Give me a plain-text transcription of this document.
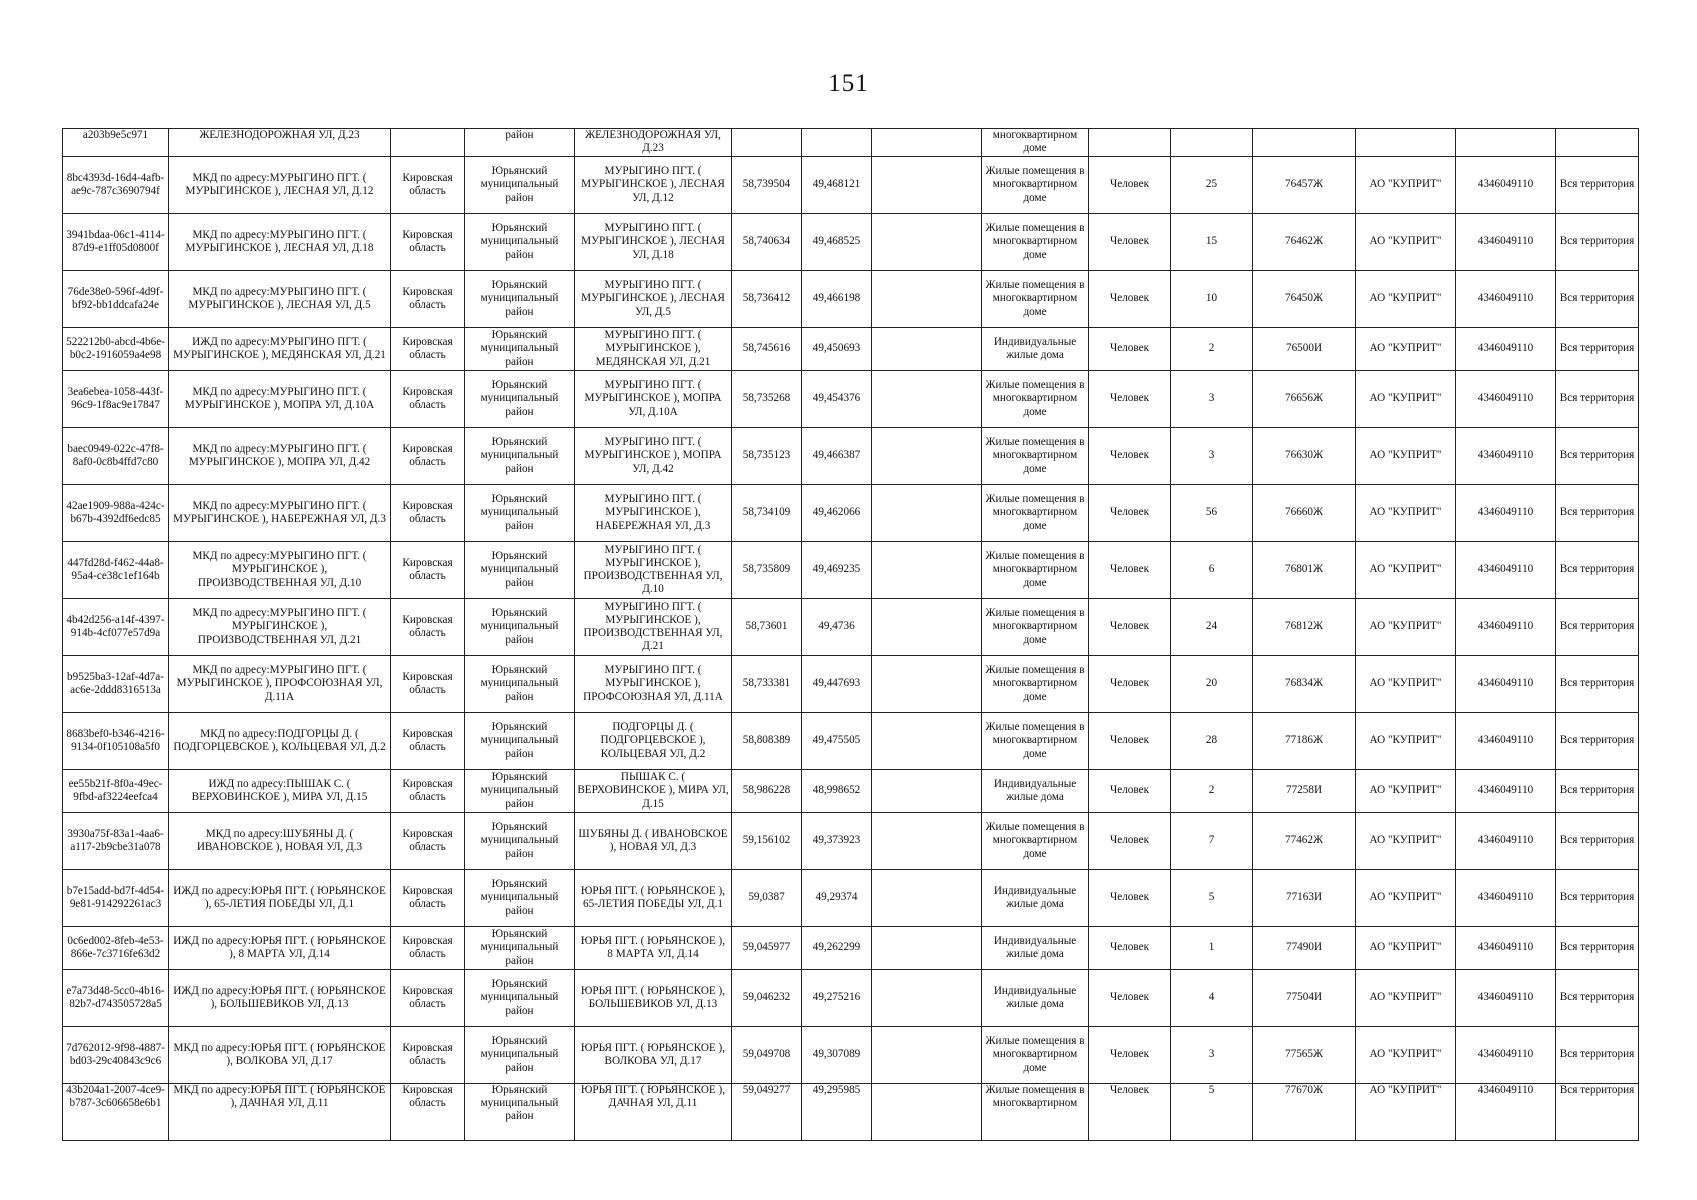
151
a203b9e5c971	ЖЕЛЕЗНОДОРОЖНАЯ УЛ, Д.23		район	ЖЕЛЕЗНОДОРОЖНАЯ УЛ, Д.23				многоквартирном доме						
8bc4393d-16d4-4afb-ae9c-787c3690794f	МКД по адресу:МУРЫГИНО ПГТ. ( МУРЫГИНСКОЕ ), ЛЕСНАЯ УЛ, Д.12	Кировская область	Юрьянский муниципальный район	МУРЫГИНО ПГТ. ( МУРЫГИНСКОЕ ), ЛЕСНАЯ УЛ, Д.12	58,739504	49,468121		Жилые помещения в многоквартирном доме	Человек	25	76457Ж	АО "КУПРИТ"	4346049110	Вся территория
3941bdaa-06c1-4114-87d9-e1ff05d0800f	МКД по адресу:МУРЫГИНО ПГТ. ( МУРЫГИНСКОЕ ), ЛЕСНАЯ УЛ, Д.18	Кировская область	Юрьянский муниципальный район	МУРЫГИНО ПГТ. ( МУРЫГИНСКОЕ ), ЛЕСНАЯ УЛ, Д.18	58,740634	49,468525		Жилые помещения в многоквартирном доме	Человек	15	76462Ж	АО "КУПРИТ"	4346049110	Вся территория
76de38e0-596f-4d9f-bf92-bb1ddcafa24e	МКД по адресу:МУРЫГИНО ПГТ. ( МУРЫГИНСКОЕ ), ЛЕСНАЯ УЛ, Д.5	Кировская область	Юрьянский муниципальный район	МУРЫГИНО ПГТ. ( МУРЫГИНСКОЕ ), ЛЕСНАЯ УЛ, Д.5	58,736412	49,466198		Жилые помещения в многоквартирном доме	Человек	10	76450Ж	АО "КУПРИТ"	4346049110	Вся территория
522212b0-abcd-4b6e-b0c2-1916059a4e98	ИЖД по адресу:МУРЫГИНО ПГТ. ( МУРЫГИНСКОЕ ), МЕДЯНСКАЯ УЛ, Д.21	Кировская область	Юрьянский муниципальный район	МУРЫГИНО ПГТ. ( МУРЫГИНСКОЕ ), МЕДЯНСКАЯ УЛ, Д.21	58,745616	49,450693		Индивидуальные жилые дома	Человек	2	76500И	АО "КУПРИТ"	4346049110	Вся территория
3ea6ebea-1058-443f-96c9-1f8ac9e17847	МКД по адресу:МУРЫГИНО ПГТ. ( МУРЫГИНСКОЕ ), МОПРА УЛ, Д.10А	Кировская область	Юрьянский муниципальный район	МУРЫГИНО ПГТ. ( МУРЫГИНСКОЕ ), МОПРА УЛ, Д.10А	58,735268	49,454376		Жилые помещения в многоквартирном доме	Человек	3	76656Ж	АО "КУПРИТ"	4346049110	Вся территория
baec0949-022c-47f8-8af0-0c8b4ffd7c80	МКД по адресу:МУРЫГИНО ПГТ. ( МУРЫГИНСКОЕ ), МОПРА УЛ, Д.42	Кировская область	Юрьянский муниципальный район	МУРЫГИНО ПГТ. ( МУРЫГИНСКОЕ ), МОПРА УЛ, Д.42	58,735123	49,466387		Жилые помещения в многоквартирном доме	Человек	3	76630Ж	АО "КУПРИТ"	4346049110	Вся территория
42ae1909-988a-424c-b67b-4392df6edc85	МКД по адресу:МУРЫГИНО ПГТ. ( МУРЫГИНСКОЕ ), НАБЕРЕЖНАЯ УЛ, Д.3	Кировская область	Юрьянский муниципальный район	МУРЫГИНО ПГТ. ( МУРЫГИНСКОЕ ), НАБЕРЕЖНАЯ УЛ, Д.3	58,734109	49,462066		Жилые помещения в многоквартирном доме	Человек	56	76660Ж	АО "КУПРИТ"	4346049110	Вся территория
447fd28d-f462-44a8-95a4-ce38c1ef164b	МКД по адресу:МУРЫГИНО ПГТ. ( МУРЫГИНСКОЕ ), ПРОИЗВОДСТВЕННАЯ УЛ, Д.10	Кировская область	Юрьянский муниципальный район	МУРЫГИНО ПГТ. ( МУРЫГИНСКОЕ ), ПРОИЗВОДСТВЕННАЯ УЛ, Д.10	58,735809	49,469235		Жилые помещения в многоквартирном доме	Человек	6	76801Ж	АО "КУПРИТ"	4346049110	Вся территория
4b42d256-a14f-4397-914b-4cf077e57d9a	МКД по адресу:МУРЫГИНО ПГТ. ( МУРЫГИНСКОЕ ), ПРОИЗВОДСТВЕННАЯ УЛ, Д.21	Кировская область	Юрьянский муниципальный район	МУРЫГИНО ПГТ. ( МУРЫГИНСКОЕ ), ПРОИЗВОДСТВЕННАЯ УЛ, Д.21	58,73601	49,4736		Жилые помещения в многоквартирном доме	Человек	24	76812Ж	АО "КУПРИТ"	4346049110	Вся территория
b9525ba3-12af-4d7a-ac6e-2ddd8316513a	МКД по адресу:МУРЫГИНО ПГТ. ( МУРЫГИНСКОЕ ), ПРОФСОЮЗНАЯ УЛ, Д.11А	Кировская область	Юрьянский муниципальный район	МУРЫГИНО ПГТ. ( МУРЫГИНСКОЕ ), ПРОФСОЮЗНАЯ УЛ, Д.11А	58,733381	49,447693		Жилые помещения в многоквартирном доме	Человек	20	76834Ж	АО "КУПРИТ"	4346049110	Вся территория
8683bef0-b346-4216-9134-0f105108a5f0	МКД по адресу:ПОДГОРЦЫ Д. ( ПОДГОРЦЕВСКОЕ ), КОЛЬЦЕВАЯ УЛ, Д.2	Кировская область	Юрьянский муниципальный район	ПОДГОРЦЫ Д. ( ПОДГОРЦЕВСКОЕ ), КОЛЬЦЕВАЯ УЛ, Д.2	58,808389	49,475505		Жилые помещения в многоквартирном доме	Человек	28	77186Ж	АО "КУПРИТ"	4346049110	Вся территория
ee55b21f-8f0a-49ec-9fbd-af3224eefca4	ИЖД по адресу:ПЫШАК С. ( ВЕРХОВИНСКОЕ ), МИРА УЛ, Д.15	Кировская область	Юрьянский муниципальный район	ПЫШАК С. ( ВЕРХОВИНСКОЕ ), МИРА УЛ, Д.15	58,986228	48,998652		Индивидуальные жилые дома	Человек	2	77258И	АО "КУПРИТ"	4346049110	Вся территория
3930a75f-83a1-4aa6-a117-2b9cbe31a078	МКД по адресу:ШУБЯНЫ Д. ( ИВАНОВСКОЕ ), НОВАЯ УЛ, Д.3	Кировская область	Юрьянский муниципальный район	ШУБЯНЫ Д. ( ИВАНОВСКОЕ ), НОВАЯ УЛ, Д.3	59,156102	49,373923		Жилые помещения в многоквартирном доме	Человек	7	77462Ж	АО "КУПРИТ"	4346049110	Вся территория
b7e15add-bd7f-4d54-9e81-914292261ac3	ИЖД по адресу:ЮРЬЯ ПГТ. ( ЮРЬЯНСКОЕ ), 65-ЛЕТИЯ ПОБЕДЫ УЛ, Д.1	Кировская область	Юрьянский муниципальный район	ЮРЬЯ ПГТ. ( ЮРЬЯНСКОЕ ), 65-ЛЕТИЯ ПОБЕДЫ УЛ, Д.1	59,0387	49,29374		Индивидуальные жилые дома	Человек	5	77163И	АО "КУПРИТ"	4346049110	Вся территория
0c6ed002-8feb-4e53-866e-7c3716fe63d2	ИЖД по адресу:ЮРЬЯ ПГТ. ( ЮРЬЯНСКОЕ ), 8 МАРТА УЛ, Д.14	Кировская область	Юрьянский муниципальный район	ЮРЬЯ ПГТ. ( ЮРЬЯНСКОЕ ), 8 МАРТА УЛ, Д.14	59,045977	49,262299		Индивидуальные жилые дома	Человек	1	77490И	АО "КУПРИТ"	4346049110	Вся территория
e7a73d48-5cc0-4b16-82b7-d743505728a5	ИЖД по адресу:ЮРЬЯ ПГТ. ( ЮРЬЯНСКОЕ ), БОЛЬШЕВИКОВ УЛ, Д.13	Кировская область	Юрьянский муниципальный район	ЮРЬЯ ПГТ. ( ЮРЬЯНСКОЕ ), БОЛЬШЕВИКОВ УЛ, Д.13	59,046232	49,275216		Индивидуальные жилые дома	Человек	4	77504И	АО "КУПРИТ"	4346049110	Вся территория
7d762012-9f98-4887-bd03-29c40843c9c6	МКД по адресу:ЮРЬЯ ПГТ. ( ЮРЬЯНСКОЕ ), ВОЛКОВА УЛ, Д.17	Кировская область	Юрьянский муниципальный район	ЮРЬЯ ПГТ. ( ЮРЬЯНСКОЕ ), ВОЛКОВА УЛ, Д.17	59,049708	49,307089		Жилые помещения в многоквартирном доме	Человек	3	77565Ж	АО "КУПРИТ"	4346049110	Вся территория
43b204a1-2007-4ce9-b787-3c606658e6b1	МКД по адресу:ЮРЬЯ ПГТ. ( ЮРЬЯНСКОЕ ), ДАЧНАЯ УЛ, Д.11	Кировская область	Юрьянский муниципальный район	ЮРЬЯ ПГТ. ( ЮРЬЯНСКОЕ ), ДАЧНАЯ УЛ, Д.11	59,049277	49,295985		Жилые помещения в многоквартирном	Человек	5	77670Ж	АО "КУПРИТ"	4346049110	Вся территория
